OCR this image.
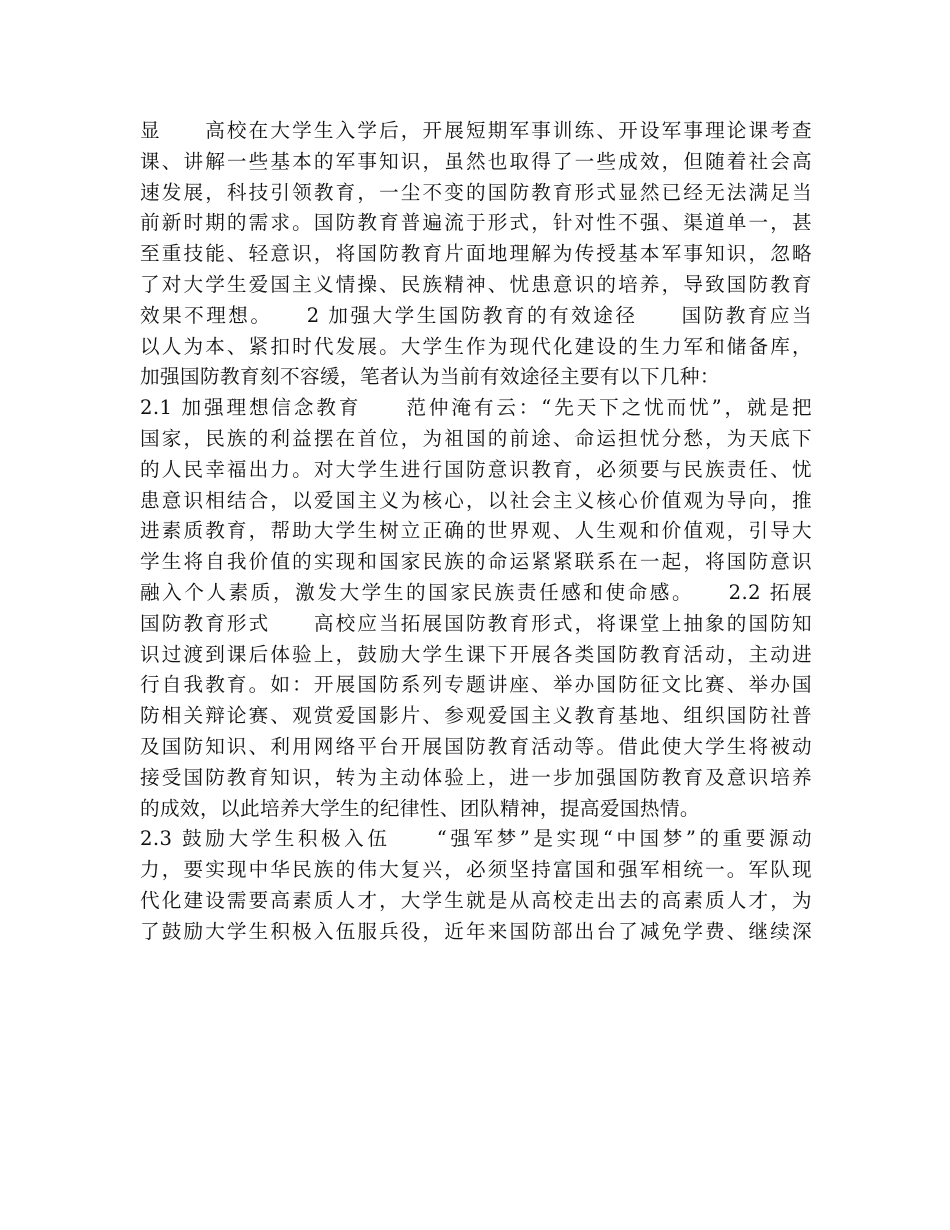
显　　高校在大学生入学后，开展短期军事训练、开设军事理论课考查
课、讲解一些基本的军事知识，虽然也取得了一些成效，但随着社会高
速发展，科技引领教育，一尘不变的国防教育形式显然已经无法满足当
前新时期的需求。国防教育普遍流于形式，针对性不强、渠道单一，甚
至重技能、轻意识，将国防教育片面地理解为传授基本军事知识，忽略
了对大学生爱国主义情操、民族精神、忧患意识的培养，导致国防教育
效果不理想。　　2 加强大学生国防教育的有效途径　　国防教育应当
以人为本、紧扣时代发展。大学生作为现代化建设的生力军和储备库，
加强国防教育刻不容缓，笔者认为当前有效途径主要有以下几种：
2.1 加强理想信念教育　　范仲淹有云：“先天下之忧而忧”，就是把
国家，民族的利益摆在首位，为祖国的前途、命运担忧分愁，为天底下
的人民幸福出力。对大学生进行国防意识教育，必须要与民族责任、忧
患意识相结合，以爱国主义为核心，以社会主义核心价值观为导向，推
进素质教育，帮助大学生树立正确的世界观、人生观和价值观，引导大
学生将自我价值的实现和国家民族的命运紧紧联系在一起，将国防意识
融入个人素质，激发大学生的国家民族责任感和使命感。　　2.2 拓展
国防教育形式　　高校应当拓展国防教育形式，将课堂上抽象的国防知
识过渡到课后体验上，鼓励大学生课下开展各类国防教育活动，主动进
行自我教育。如：开展国防系列专题讲座、举办国防征文比赛、举办国
防相关辩论赛、观赏爱国影片、参观爱国主义教育基地、组织国防社普
及国防知识、利用网络平台开展国防教育活动等。借此使大学生将被动
接受国防教育知识，转为主动体验上，进一步加强国防教育及意识培养
的成效，以此培养大学生的纪律性、团队精神，提高爱国热情。
2.3 鼓励大学生积极入伍　　“强军梦”是实现“中国梦”的重要源动
力，要实现中华民族的伟大复兴，必须坚持富国和强军相统一。军队现
代化建设需要高素质人才，大学生就是从高校走出去的高素质人才，为
了鼓励大学生积极入伍服兵役，近年来国防部出台了减免学费、继续深
